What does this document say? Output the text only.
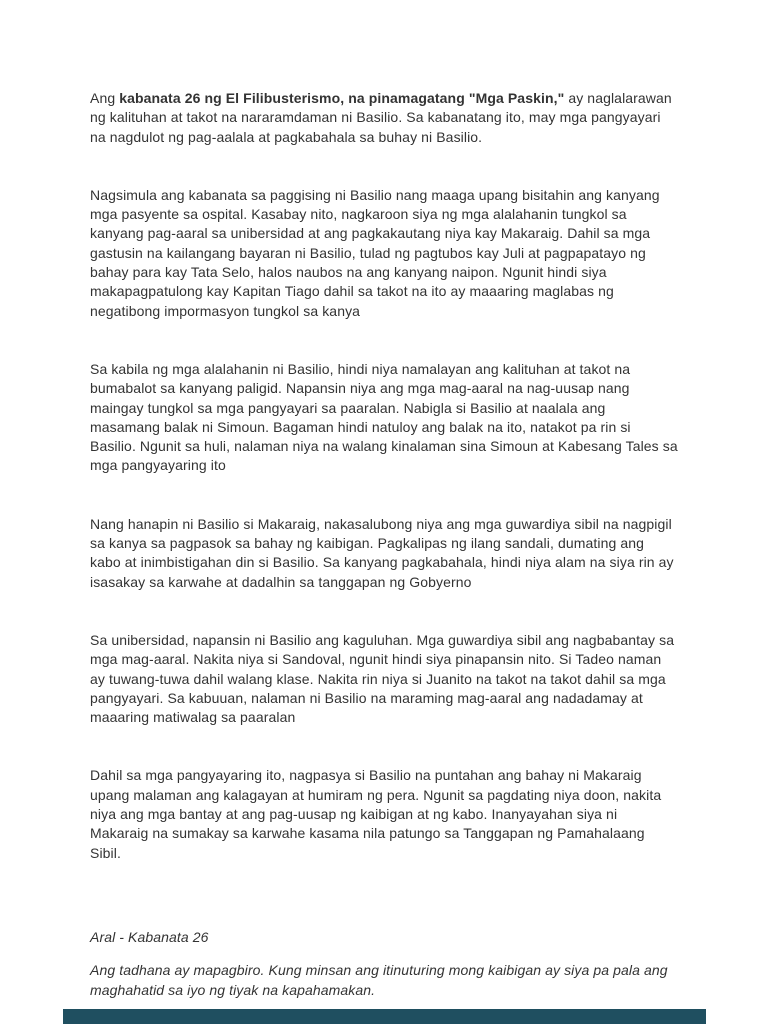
Ang kabanata 26 ng El Filibusterismo, na pinamagatang "Mga Paskin," ay naglalarawan ng kalituhan at takot na nararamdaman ni Basilio. Sa kabanatang ito, may mga pangyayari na nagdulot ng pag-aalala at pagkabahala sa buhay ni Basilio.

Nagsimula ang kabanata sa paggising ni Basilio nang maaga upang bisitahin ang kanyang mga pasyente sa ospital. Kasabay nito, nagkaroon siya ng mga alalahanin tungkol sa kanyang pag-aaral sa unibersidad at ang pagkakautang niya kay Makaraig. Dahil sa mga gastusin na kailangang bayaran ni Basilio, tulad ng pagtubos kay Juli at pagpapatayo ng bahay para kay Tata Selo, halos naubos na ang kanyang naipon. Ngunit hindi siya makapagpatulong kay Kapitan Tiago dahil sa takot na ito ay maaaring maglabas ng negatibong impormasyon tungkol sa kanya

Sa kabila ng mga alalahanin ni Basilio, hindi niya namalayan ang kalituhan at takot na bumabalot sa kanyang paligid. Napansin niya ang mga mag-aaral na nag-uusap nang maingay tungkol sa mga pangyayari sa paaralan. Nabigla si Basilio at naalala ang masamang balak ni Simoun. Bagaman hindi natuloy ang balak na ito, natakot pa rin si Basilio. Ngunit sa huli, nalaman niya na walang kinalaman sina Simoun at Kabesang Tales sa mga pangyayaring ito

Nang hanapin ni Basilio si Makaraig, nakasalubong niya ang mga guwardiya sibil na nagpigil sa kanya sa pagpasok sa bahay ng kaibigan. Pagkalipas ng ilang sandali, dumating ang kabo at inimbistigahan din si Basilio. Sa kanyang pagkabahala, hindi niya alam na siya rin ay isasakay sa karwahe at dadalhin sa tanggapan ng Gobyerno

Sa unibersidad, napansin ni Basilio ang kaguluhan. Mga guwardiya sibil ang nagbabantay sa mga mag-aaral. Nakita niya si Sandoval, ngunit hindi siya pinapansin nito. Si Tadeo naman ay tuwang-tuwa dahil walang klase. Nakita rin niya si Juanito na takot na takot dahil sa mga pangyayari. Sa kabuuan, nalaman ni Basilio na maraming mag-aaral ang nadadamay at maaaring matiwalag sa paaralan

Dahil sa mga pangyayaring ito, nagpasya si Basilio na puntahan ang bahay ni Makaraig upang malaman ang kalagayan at humiram ng pera. Ngunit sa pagdating niya doon, nakita niya ang mga bantay at ang pag-uusap ng kaibigan at ng kabo. Inanyayahan siya ni Makaraig na sumakay sa karwahe kasama nila patungo sa Tanggapan ng Pamahalaang Sibil.

Aral - Kabanata 26

Ang tadhana ay mapagbiro. Kung minsan ang itinuturing mong kaibigan ay siya pa pala ang maghahatid sa iyo ng tiyak na kapahamakan.
